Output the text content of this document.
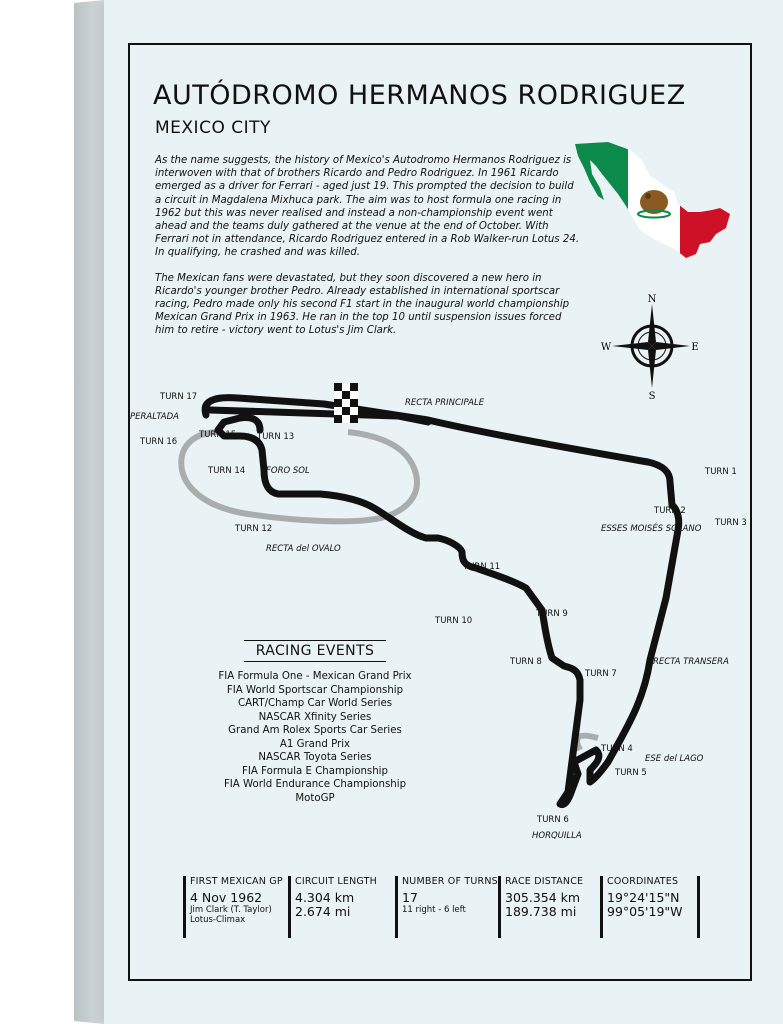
AUTÓDROMO HERMANOS RODRIGUEZ
MEXICO CITY

As the name suggests, the history of Mexico's Autodromo Hermanos Rodriguez is interwoven with that of brothers Ricardo and Pedro Rodriguez. In 1961 Ricardo emerged as a driver for Ferrari - aged just 19. This prompted the decision to build a circuit in Magdalena Mixhuca park. The aim was to host formula one racing in 1962 but this was never realised and instead a non-championship event went ahead and the teams duly gathered at the venue at the end of October. With Ferrari not in attendance, Ricardo Rodriguez entered in a Rob Walker-run Lotus 24. In qualifying, he crashed and was killed.

The Mexican fans were devastated, but they soon discovered a new hero in Ricardo's younger brother Pedro. Already established in international sportscar racing, Pedro made only his second F1 start in the inaugural world championship Mexican Grand Prix in 1963. He ran in the top 10 until suspension issues forced him to retire - victory went to Lotus's Jim Clark.

N
E
S
W
TURN 17
PERALTADA
TURN 16
TURN 15 TURN 13
TURN 14 FORO SOL
RECTA PRINCIPALE
TURN 12
RECTA del OVALO
TURN 1
TURN 2
TURN 3
ESSES MOISÉS SOLANO
TURN 11
TURN 10
TURN 9
TURN 8
TURN 7
RECTA TRANSERA
TURN 4
ESE del LAGO
TURN 5
TURN 6
HORQUILLA
RACING EVENTS
FIA Formula One - Mexican Grand Prix
FIA World Sportscar Championship
CART/Champ Car World Series
NASCAR Xfinity Series
Grand Am Rolex Sports Car Series
A1 Grand Prix
NASCAR Toyota Series
FIA Formula E Championship
FIA World Endurance Championship
MotoGP
FIRST MEXICAN GP
4 Nov 1962
Jim Clark (T. Taylor)
Lotus-Climax
CIRCUIT LENGTH
4.304 km
2.674 mi
NUMBER OF TURNS
17
11 right - 6 left
RACE DISTANCE
305.354 km
189.738 mi
COORDINATES
19°24'15"N
99°05'19"W
